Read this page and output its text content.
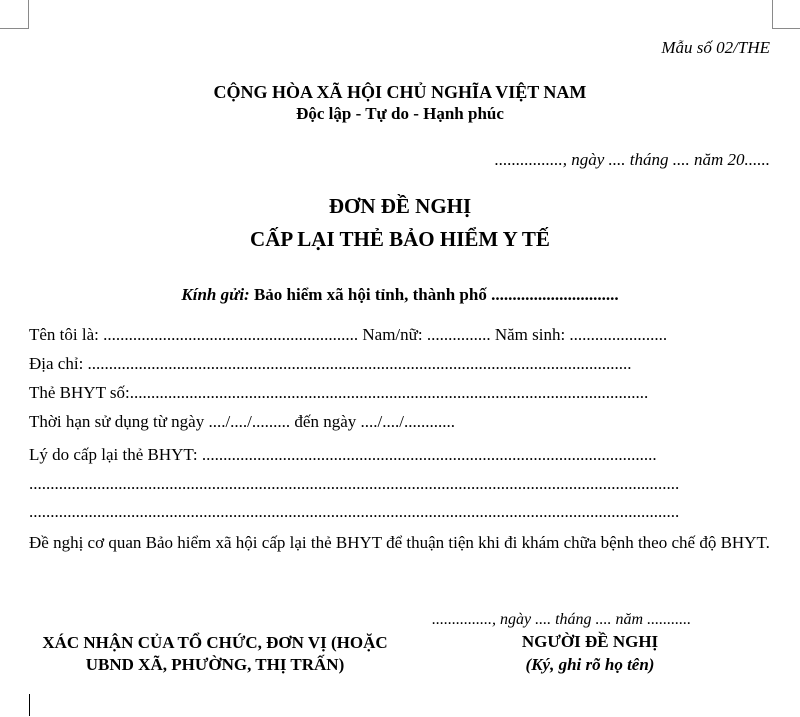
Mẫu số 02/THE
CỘNG HÒA XÃ HỘI CHỦ NGHĨA VIỆT NAM
Độc lập - Tự do - Hạnh phúc
................, ngày .... tháng .... năm 20......
ĐƠN ĐỀ NGHỊ
CẤP LẠI THẺ BẢO HIỂM Y TẾ
Kính gửi: Bảo hiểm xã hội tỉnh, thành phố ..............................
Tên tôi là: ............................................................ Nam/nữ: ............... Năm sinh: .......................
Địa chỉ: ................................................................................................................................
Thẻ BHYT số:..........................................................................................................................
Thời hạn sử dụng từ ngày ..../..../......... đến ngày ..../..../............
Lý do cấp lại thẻ BHYT: ...........................................................................................................
.........................................................................................................................................................
.........................................................................................................................................................
Đề nghị cơ quan Bảo hiểm xã hội cấp lại thẻ BHYT để thuận tiện khi đi khám chữa bệnh theo chế độ BHYT.
..............., ngày .... tháng .... năm ...........
XÁC NHẬN CỦA TỔ CHỨC, ĐƠN VỊ (HOẶC UBND XÃ, PHƯỜNG, THỊ TRẤN)
NGƯỜI ĐỀ NGHỊ
(Ký, ghi rõ họ tên)
